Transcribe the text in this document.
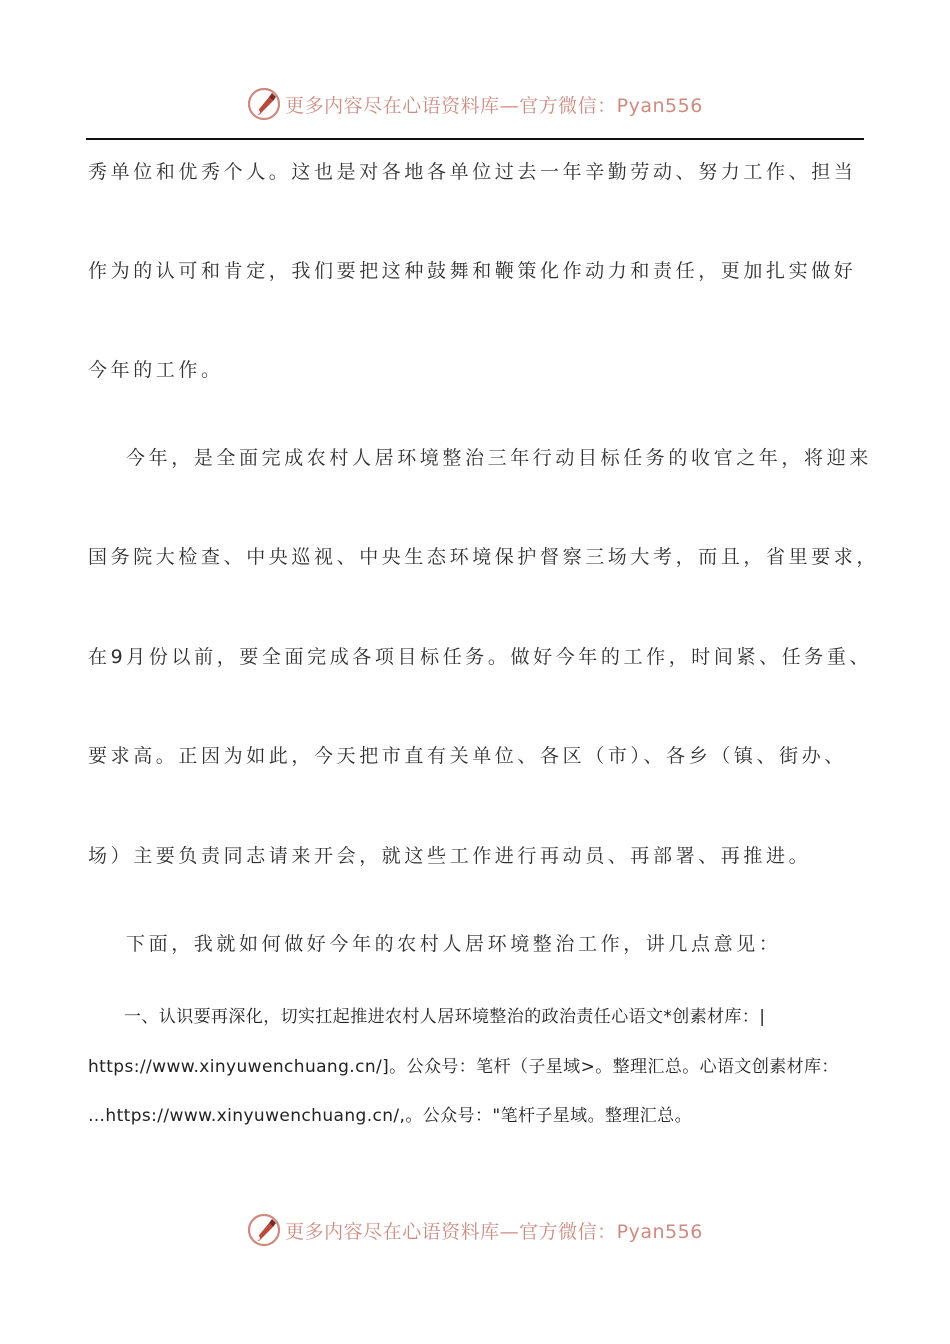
更多内容尽在心语资料库—官方微信：Pyan556
秀单位和优秀个人。这也是对各地各单位过去一年辛勤劳动、努力工作、担当
作为的认可和肯定，我们要把这种鼓舞和鞭策化作动力和责任，更加扎实做好
今年的工作。
今年，是全面完成农村人居环境整治三年行动目标任务的收官之年，将迎来
国务院大检查、中央巡视、中央生态环境保护督察三场大考，而且，省里要求，
在9月份以前，要全面完成各项目标任务。做好今年的工作，时间紧、任务重、
要求高。正因为如此，今天把市直有关单位、各区（市）、各乡（镇、街办、
场）主要负责同志请来开会，就这些工作进行再动员、再部署、再推进。
下面，我就如何做好今年的农村人居环境整治工作，讲几点意见：
一、认识要再深化，切实扛起推进农村人居环境整治的政治责任心语文*创素材库：|
https://www.xinyuwenchuang.cn/]。公众号：笔杆（子星域>。整理汇总。心语文创素材库：
…https://www.xinyuwenchuang.cn/,。公众号："笔杆子星域。整理汇总。
更多内容尽在心语资料库—官方微信：Pyan556
